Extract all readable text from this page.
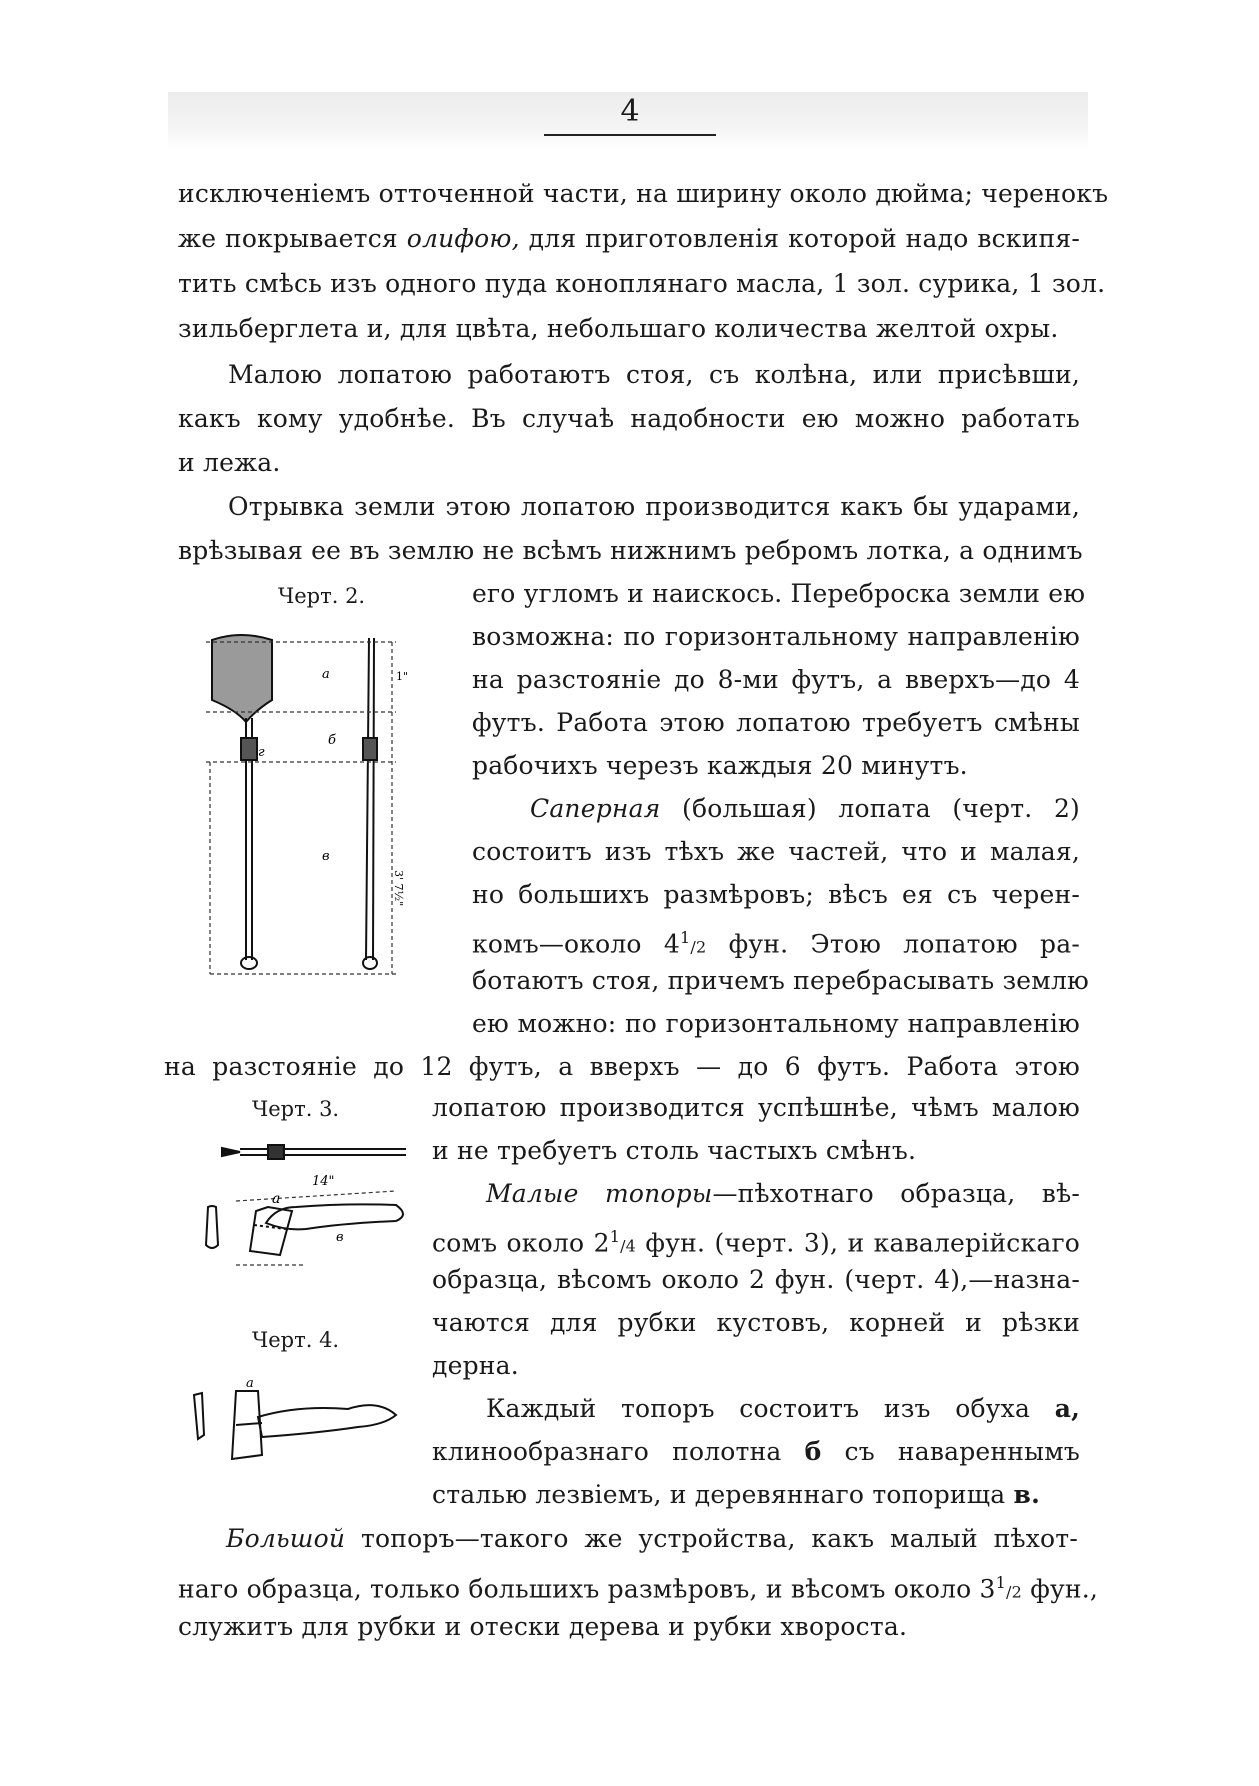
4
исключеніемъ отточенной части, на ширину около дюйма; черенокъ
же покрывается олифою, для приготовленія которой надо вскипя-
тить смѣсь изъ одного пуда коноплянаго масла, 1 зол. сурика, 1 зол.
зильберглета и, для цвѣта, небольшаго количества желтой охры.
Малою лопатою работаютъ стоя, съ колѣна, или присѣвши,
какъ кому удобнѣе. Въ случаѣ надобности ею можно работать
и лежа.
Отрывка земли этою лопатою производится какъ бы ударами,
врѣзывая ее въ землю не всѣмъ нижнимъ ребромъ лотка, а однимъ
Черт. 2.	его угломъ и наискось. Переброска земли ею
возможна: по горизонтальному направленію
на разстояніе до 8-ми футъ, а вверхъ—до 4
футъ. Работа этою лопатою требуетъ смѣны
рабочихъ черезъ каждыя 20 минутъ.
Саперная (большая) лопата (черт. 2)
состоитъ изъ тѣхъ же частей, что и малая,
но большихъ размѣровъ; вѣсъ ея съ черен-
комъ—около $4^1/2$ фун. Этою лопатою ра-
ботаютъ стоя, причемъ перебрасывать землю
ею можно: по горизонтальному направленію
на разстояніе до 12 футъ, а вверхъ — до 6 футъ. Работа этою
Черт. 3.	лопатою производится успѣшнѣе, чѣмъ малою
и не требуетъ столь частыхъ смѣнъ.
Малые топоры—пѣхотнаго образца, вѣ-
сомъ около $2^1/4$ фун. (черт. 3), и кавалерійскаго
образца, вѣсомъ около 2 фун. (черт. 4),—назна-
чаются для рубки кустовъ, корней и рѣзки
дерна.
Черт. 4.
Каждый топоръ состоитъ изъ обуха а,
клинообразнаго полотна б съ навареннымъ
сталью лезвіемъ, и деревяннаго топорища в.
Большой топоръ—такого же устройства, какъ малый пѣхот-
наго образца, только большихъ размѣровъ, и вѣсомъ около $3^1/2$ фун.,
служитъ для рубки и отески дерева и рубки хвороста.
а
б
в
г
1"
3' 7½"
14"
а
в
а
